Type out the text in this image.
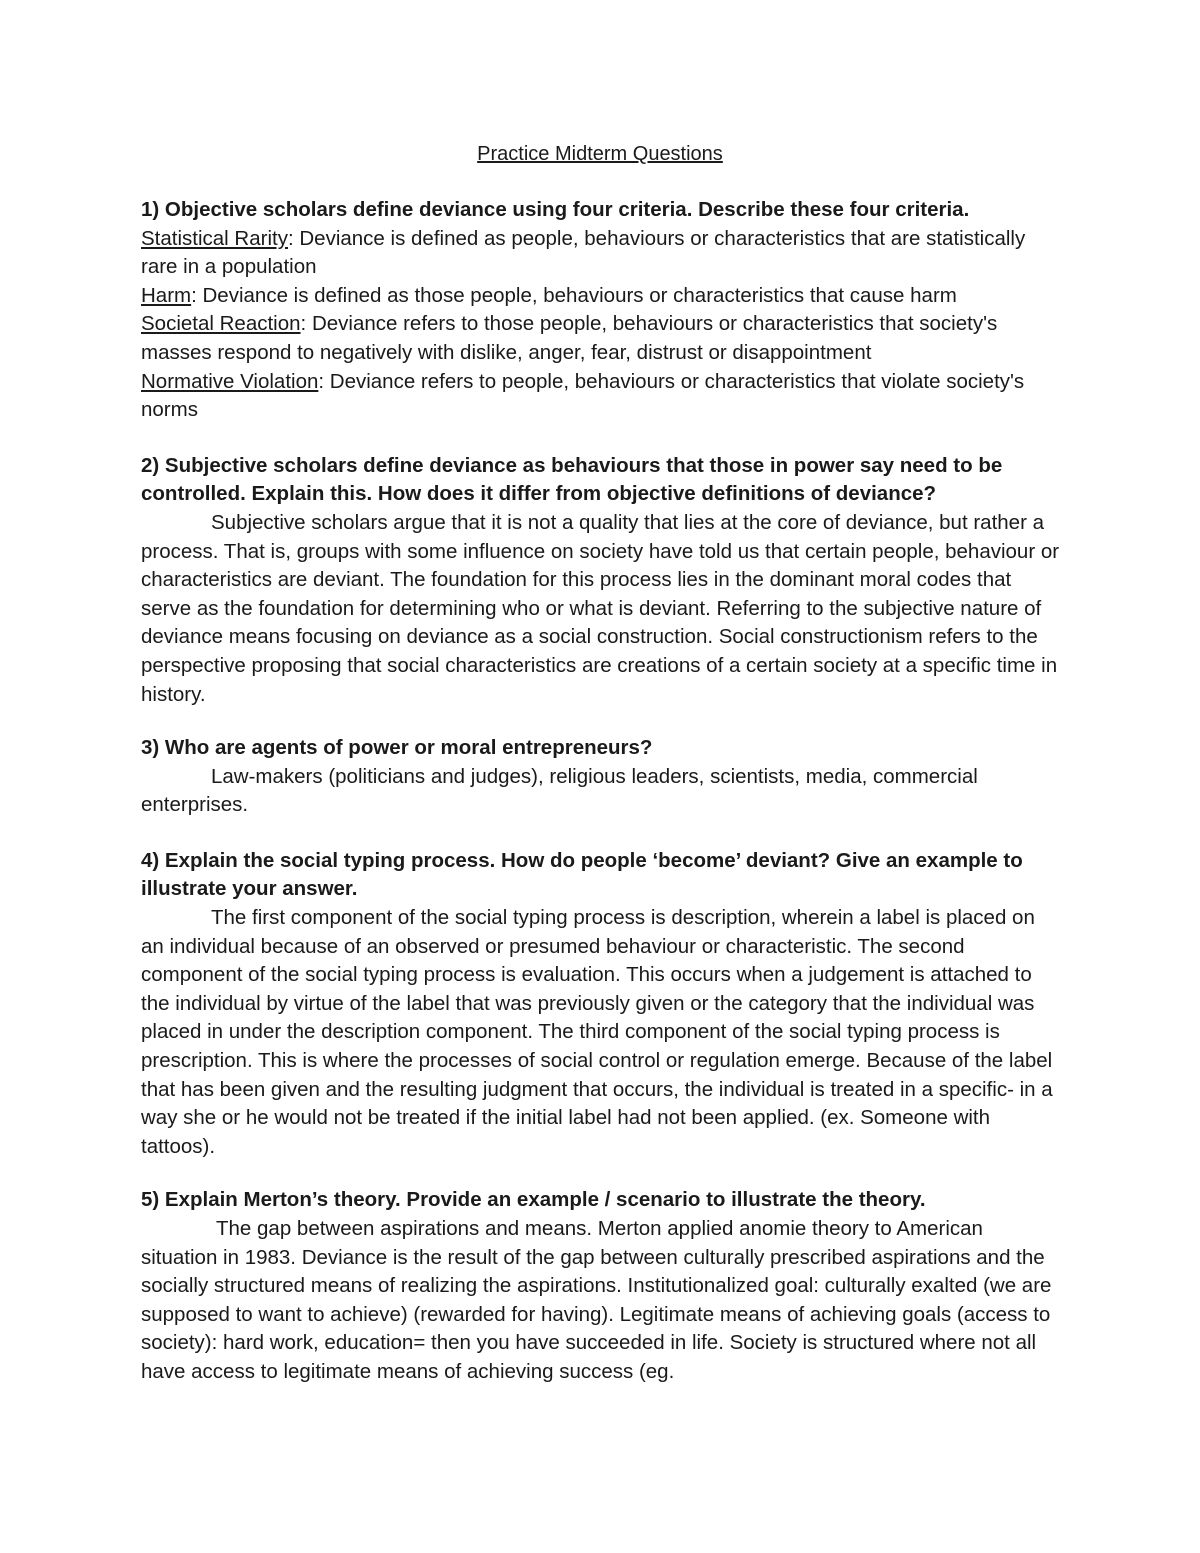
Practice Midterm Questions
1) Objective scholars define deviance using four criteria. Describe these four criteria.
Statistical Rarity: Deviance is defined as people, behaviours or characteristics that are statistically rare in a population
Harm: Deviance is defined as those people, behaviours or characteristics that cause harm
Societal Reaction: Deviance refers to those people, behaviours or characteristics that society's masses respond to negatively with dislike, anger, fear, distrust or disappointment
Normative Violation: Deviance refers to people, behaviours or characteristics that violate society's norms
2) Subjective scholars define deviance as behaviours that those in power say need to be controlled. Explain this. How does it differ from objective definitions of deviance?
Subjective scholars argue that it is not a quality that lies at the core of deviance, but rather a process. That is, groups with some influence on society have told us that certain people, behaviour or characteristics are deviant. The foundation for this process lies in the dominant moral codes that serve as the foundation for determining who or what is deviant. Referring to the subjective nature of deviance means focusing on deviance as a social construction. Social constructionism refers to the perspective proposing that social characteristics are creations of a certain society at a specific time in history.
3) Who are agents of power or moral entrepreneurs?
Law-makers (politicians and judges), religious leaders, scientists, media, commercial enterprises.
4) Explain the social typing process. How do people ‘become’ deviant? Give an example to illustrate your answer.
The first component of the social typing process is description, wherein a label is placed on an individual because of an observed or presumed behaviour or characteristic. The second component of the social typing process is evaluation. This occurs when a judgement is attached to the individual by virtue of the label that was previously given or the category that the individual was placed in under the description component. The third component of the social typing process is prescription. This is where the processes of social control or regulation emerge. Because of the label that has been given and the resulting judgment that occurs, the individual is treated in a specific- in a way she or he would not be treated if the initial label had not been applied. (ex. Someone with tattoos).
5) Explain Merton’s theory. Provide an example / scenario to illustrate the theory.
The gap between aspirations and means. Merton applied anomie theory to American situation in 1983. Deviance is the result of the gap between culturally prescribed aspirations and the socially structured means of realizing the aspirations. Institutionalized goal: culturally exalted (we are supposed to want to achieve) (rewarded for having). Legitimate means of achieving goals (access to society): hard work, education= then you have succeeded in life. Society is structured where not all have access to legitimate means of achieving success (eg.
